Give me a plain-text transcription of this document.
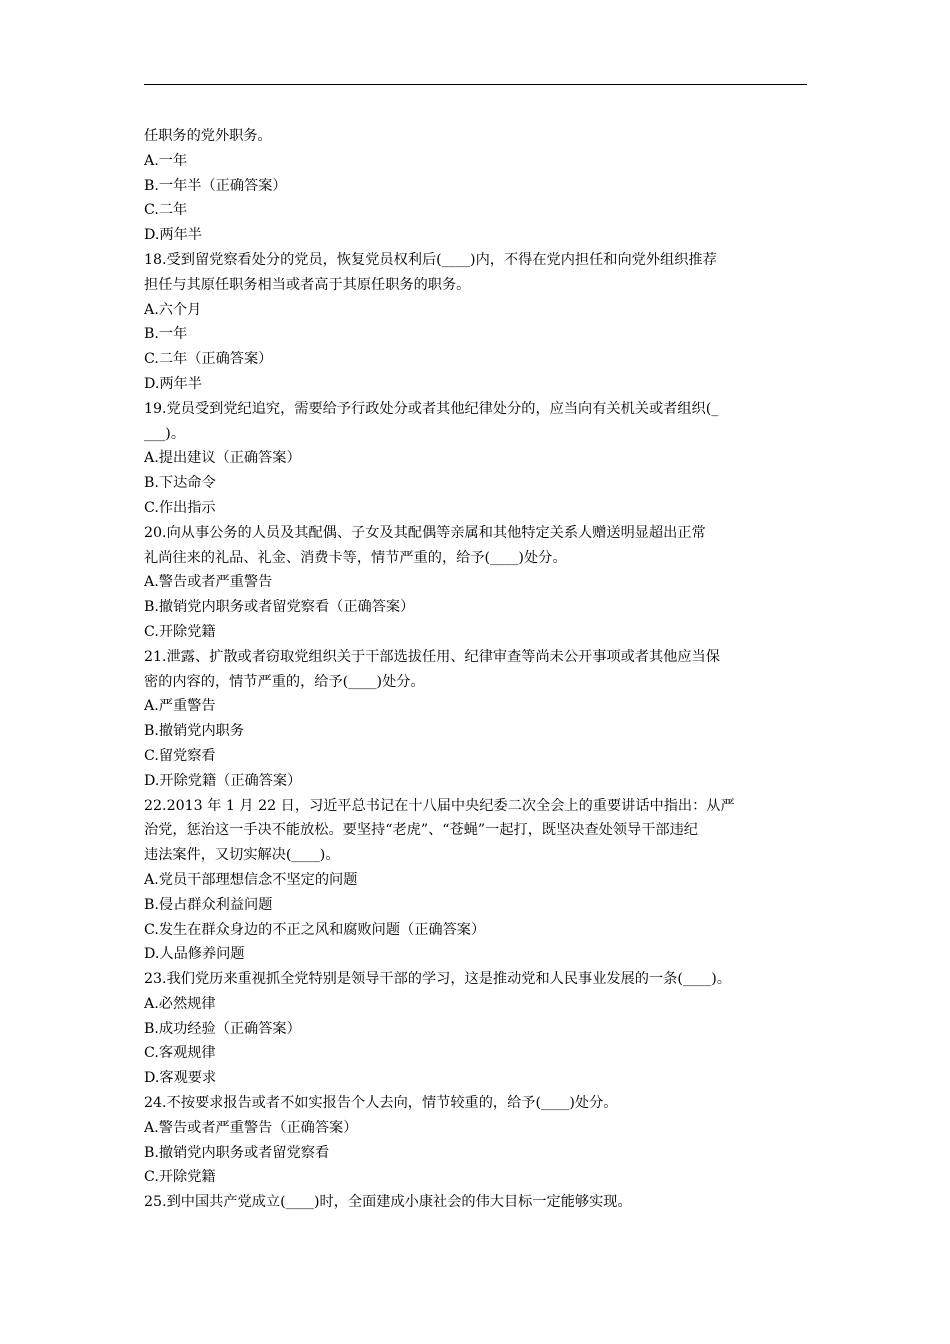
任职务的党外职务。
A.一年
B.一年半（正确答案）
C.二年
D.两年半
18.受到留党察看处分的党员，恢复党员权利后(____)内，不得在党内担任和向党外组织推荐
担任与其原任职务相当或者高于其原任职务的职务。
A.六个月
B.一年
C.二年（正确答案）
D.两年半
19.党员受到党纪追究，需要给予行政处分或者其他纪律处分的，应当向有关机关或者组织(_
___)。
A.提出建议（正确答案）
B.下达命令
C.作出指示
20.向从事公务的人员及其配偶、子女及其配偶等亲属和其他特定关系人赠送明显超出正常
礼尚往来的礼品、礼金、消费卡等，情节严重的，给予(____)处分。
A.警告或者严重警告
B.撤销党内职务或者留党察看（正确答案）
C.开除党籍
21.泄露、扩散或者窃取党组织关于干部选拔任用、纪律审查等尚未公开事项或者其他应当保
密的内容的，情节严重的，给予(____)处分。
A.严重警告
B.撤销党内职务
C.留党察看
D.开除党籍（正确答案）
22.2013 年 1 月 22 日，习近平总书记在十八届中央纪委二次全会上的重要讲话中指出：从严
治党，惩治这一手决不能放松。要坚持“老虎”、“苍蝇”一起打，既坚决查处领导干部违纪
违法案件，又切实解决(____)。
A.党员干部理想信念不坚定的问题
B.侵占群众利益问题
C.发生在群众身边的不正之风和腐败问题（正确答案）
D.人品修养问题
23.我们党历来重视抓全党特别是领导干部的学习，这是推动党和人民事业发展的一条(____)。
A.必然规律
B.成功经验（正确答案）
C.客观规律
D.客观要求
24.不按要求报告或者不如实报告个人去向，情节较重的，给予(____)处分。
A.警告或者严重警告（正确答案）
B.撤销党内职务或者留党察看
C.开除党籍
25.到中国共产党成立(____)时，全面建成小康社会的伟大目标一定能够实现。
